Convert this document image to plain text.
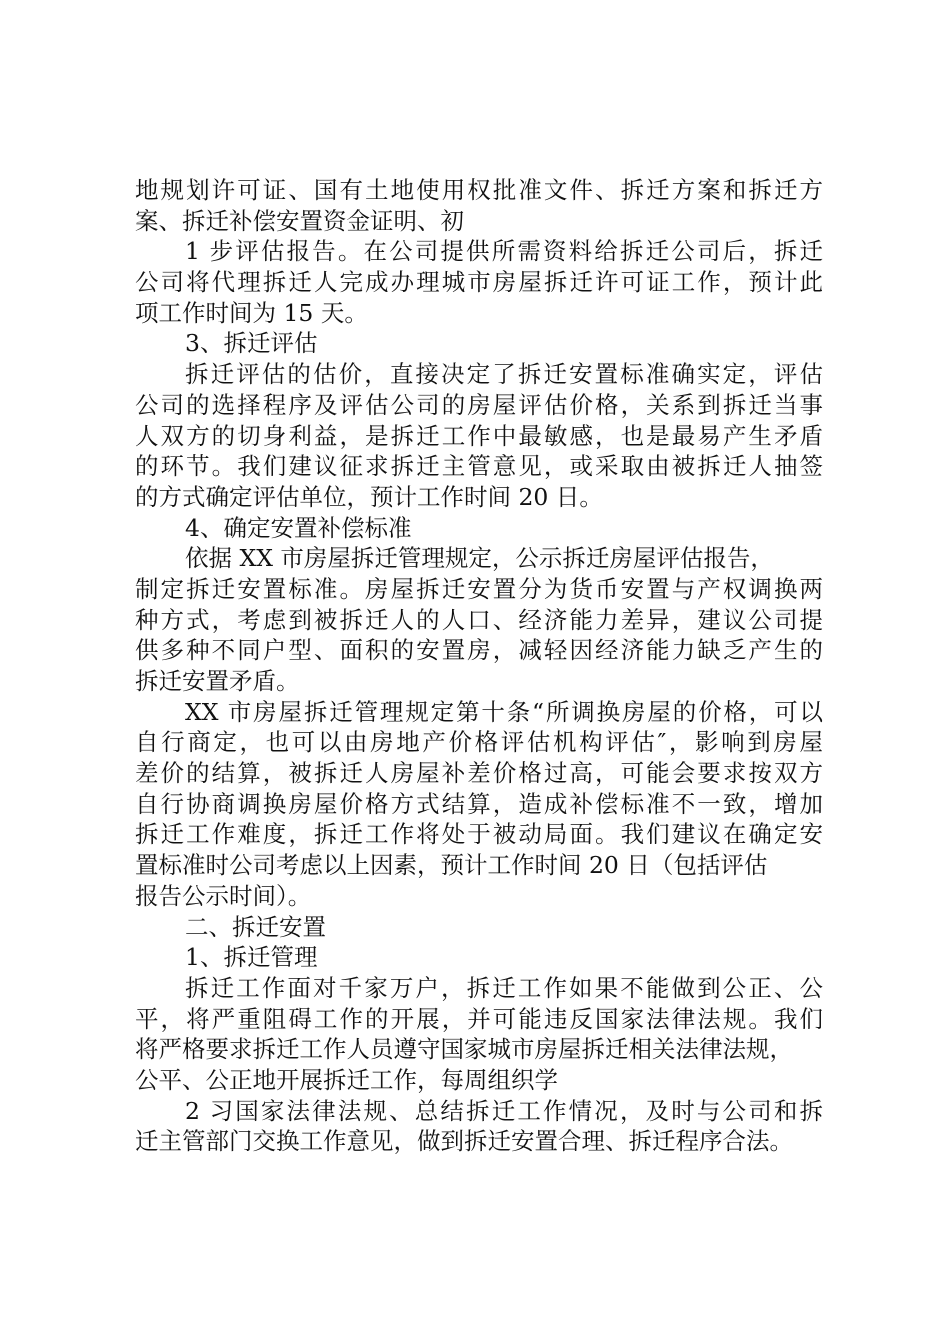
地规划许可证、国有土地使用权批准文件、拆迁方案和拆迁方
案、拆迁补偿安置资金证明、初
1 步评估报告。在公司提供所需资料给拆迁公司后，拆迁
公司将代理拆迁人完成办理城市房屋拆迁许可证工作，预计此
项工作时间为 15 天。
3、拆迁评估
拆迁评估的估价，直接决定了拆迁安置标准确实定，评估
公司的选择程序及评估公司的房屋评估价格，关系到拆迁当事
人双方的切身利益，是拆迁工作中最敏感，也是最易产生矛盾
的环节。我们建议征求拆迁主管意见，或采取由被拆迁人抽签
的方式确定评估单位，预计工作时间 20 日。
4、确定安置补偿标准
依据 XX 市房屋拆迁管理规定，公示拆迁房屋评估报告，
制定拆迁安置标准。房屋拆迁安置分为货币安置与产权调换两
种方式，考虑到被拆迁人的人口、经济能力差异，建议公司提
供多种不同户型、面积的安置房，减轻因经济能力缺乏产生的
拆迁安置矛盾。
XX 市房屋拆迁管理规定第十条“所调换房屋的价格，可以
自行商定，也可以由房地产价格评估机构评估″，影响到房屋
差价的结算，被拆迁人房屋补差价格过高，可能会要求按双方
自行协商调换房屋价格方式结算，造成补偿标准不一致，增加
拆迁工作难度，拆迁工作将处于被动局面。我们建议在确定安
置标准时公司考虑以上因素，预计工作时间 20 日（包括评估
报告公示时间）。
二、拆迁安置
1、拆迁管理
拆迁工作面对千家万户，拆迁工作如果不能做到公正、公
平，将严重阻碍工作的开展，并可能违反国家法律法规。我们
将严格要求拆迁工作人员遵守国家城市房屋拆迁相关法律法规，
公平、公正地开展拆迁工作，每周组织学
2 习国家法律法规、总结拆迁工作情况，及时与公司和拆
迁主管部门交换工作意见，做到拆迁安置合理、拆迁程序合法。
